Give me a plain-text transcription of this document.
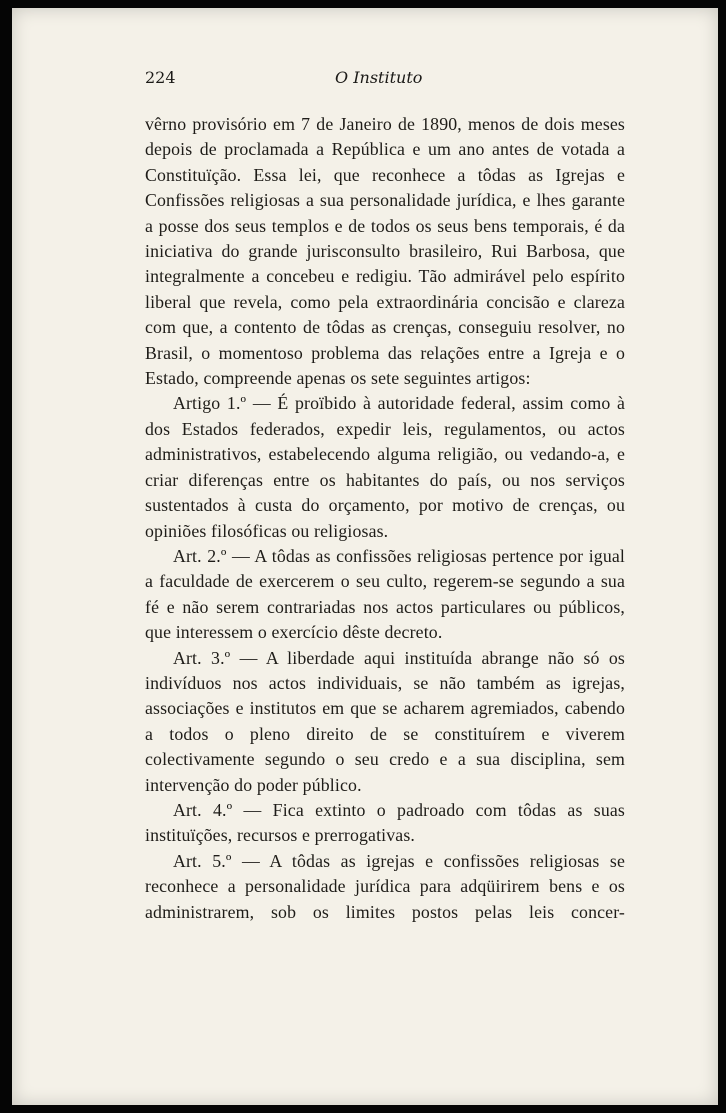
224	O Instituto

vêrno provisório em 7 de Janeiro de 1890, menos de dois meses depois de proclamada a República e um ano antes de votada a Constituïção. Essa lei, que reconhece a tôdas as Igrejas e Confissões religiosas a sua personalidade jurídica, e lhes garante a posse dos seus templos e de todos os seus bens temporais, é da iniciativa do grande jurisconsulto brasileiro, Rui Barbosa, que integralmente a concebeu e redigiu. Tão admirável pelo espírito liberal que revela, como pela extraordinária concisão e clareza com que, a contento de tôdas as crenças, conseguiu resolver, no Brasil, o momentoso problema das relações entre a Igreja e o Estado, compreende apenas os sete seguintes artigos:

Artigo 1.º — É proïbido à autoridade federal, assim como à dos Estados federados, expedir leis, regulamentos, ou actos administrativos, estabelecendo alguma religião, ou vedando-a, e criar diferenças entre os habitantes do país, ou nos serviços sustentados à custa do orçamento, por motivo de crenças, ou opiniões filosóficas ou religiosas.

Art. 2.º — A tôdas as confissões religiosas pertence por igual a faculdade de exercerem o seu culto, regerem-se segundo a sua fé e não serem contrariadas nos actos particulares ou públicos, que interessem o exercício dêste decreto.

Art. 3.º — A liberdade aqui instituída abrange não só os indivíduos nos actos individuais, se não também as igrejas, associações e institutos em que se acharem agremiados, cabendo a todos o pleno direito de se constituírem e viverem colectivamente segundo o seu credo e a sua disciplina, sem intervenção do poder público.

Art. 4.º — Fica extinto o padroado com tôdas as suas instituïções, recursos e prerrogativas.

Art. 5.º — A tôdas as igrejas e confissões religiosas se reconhece a personalidade jurídica para adqüirirem bens e os administrarem, sob os limites postos pelas leis concer-
